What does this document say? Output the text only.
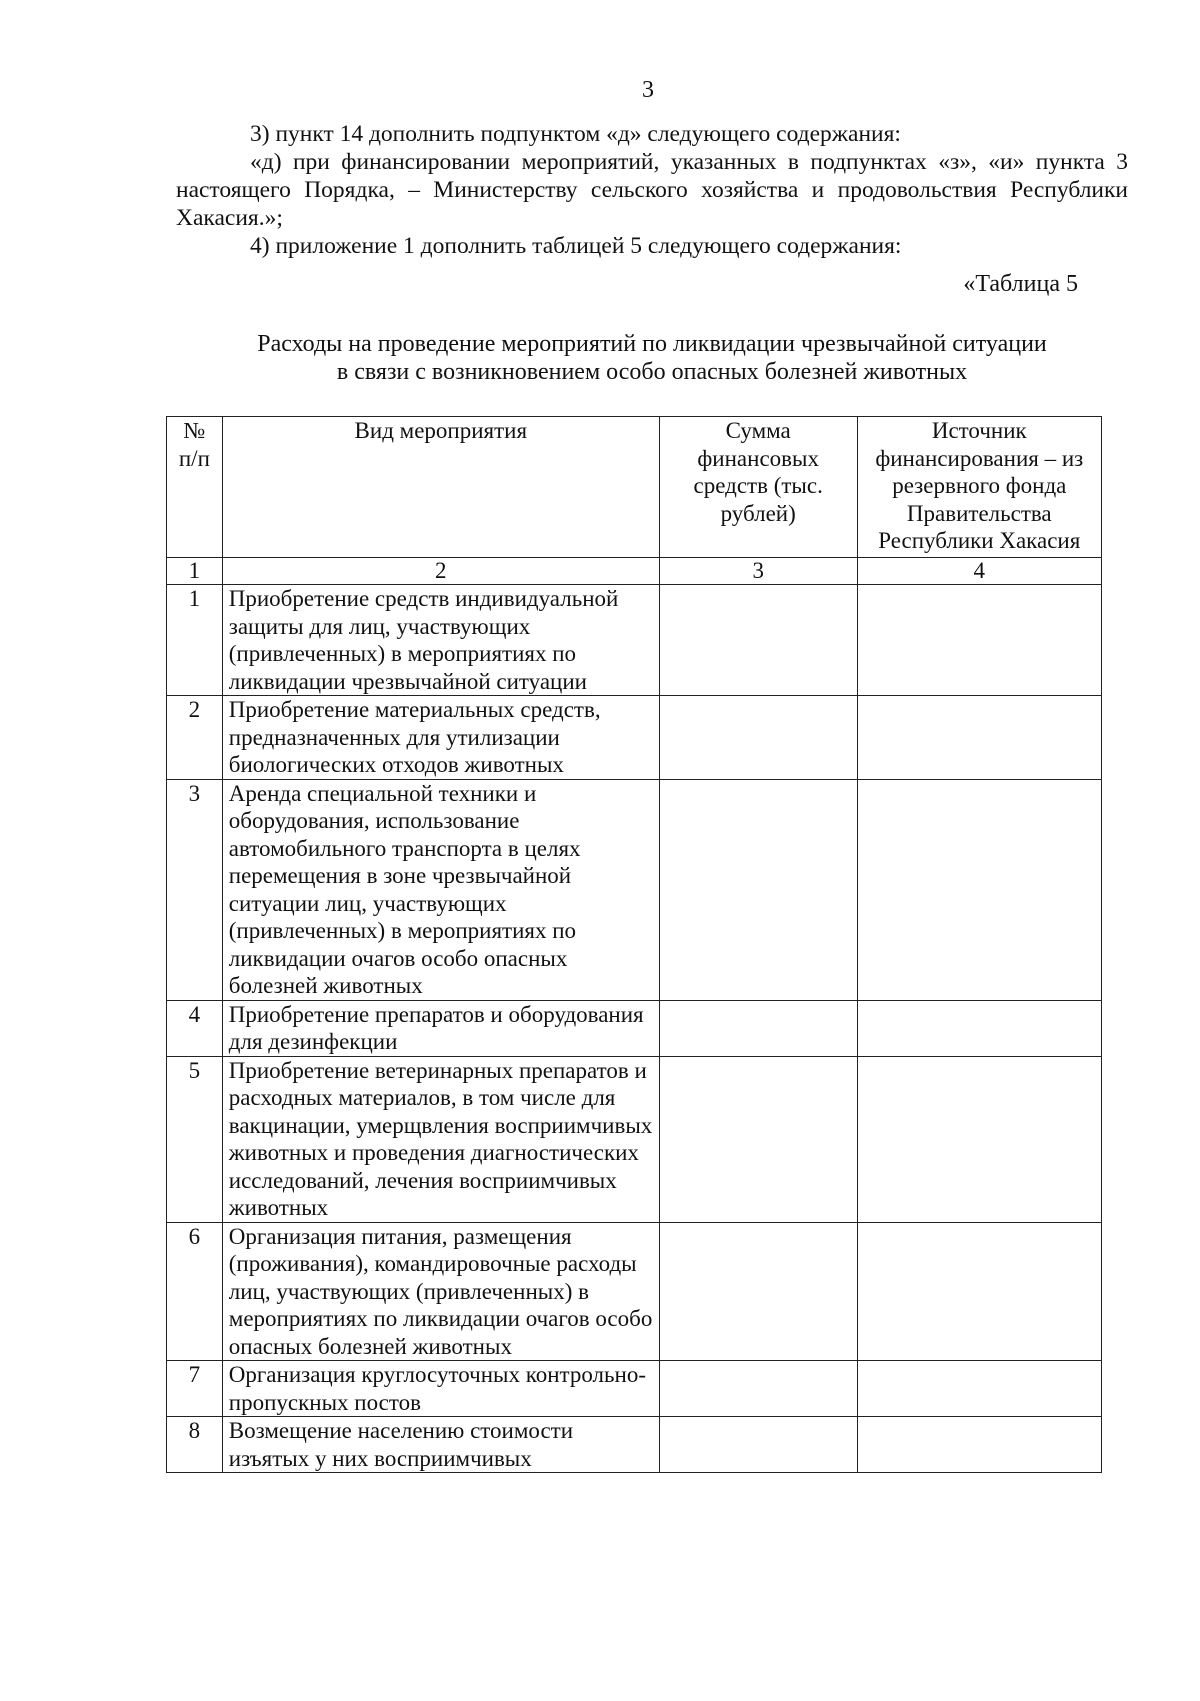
3

3) пункт 14 дополнить подпунктом «д» следующего содержания:

«д) при финансировании мероприятий, указанных в подпунктах «з», «и» пункта 3 настоящего Порядка, – Министерству сельского хозяйства и продовольствия Республики Хакасия.»;

4) приложение 1 дополнить таблицей 5 следующего содержания:

«Таблица 5
Расходы на проведение мероприятий по ликвидации чрезвычайной ситуации
в связи с возникновением особо опасных болезней животных
№ п/п	Вид мероприятия	Сумма финансовых средств (тыс. рублей)	Источник финансирования – из резервного фонда Правительства Республики Хакасия
1	2	3	4
1	Приобретение средств индивидуальной защиты для лиц, участвующих (привлеченных) в мероприятиях по ликвидации чрезвычайной ситуации		
2	Приобретение материальных средств, предназначенных для утилизации биологических отходов животных		
3	Аренда специальной техники и оборудования, использование автомобильного транспорта в целях перемещения в зоне чрезвычайной ситуации лиц, участвующих (привлеченных) в мероприятиях по ликвидации очагов особо опасных болезней животных		
4	Приобретение препаратов и оборудования для дезинфекции		
5	Приобретение ветеринарных препаратов и расходных материалов, в том числе для вакцинации, умерщвления восприимчивых животных и проведения диагностических исследований, лечения восприимчивых животных		
6	Организация питания, размещения (проживания), командировочные расходы лиц, участвующих (привлеченных) в мероприятиях по ликвидации очагов особо опасных болезней животных		
7	Организация круглосуточных контрольно-пропускных постов		
8	Возмещение населению стоимости изъятых у них восприимчивых		
